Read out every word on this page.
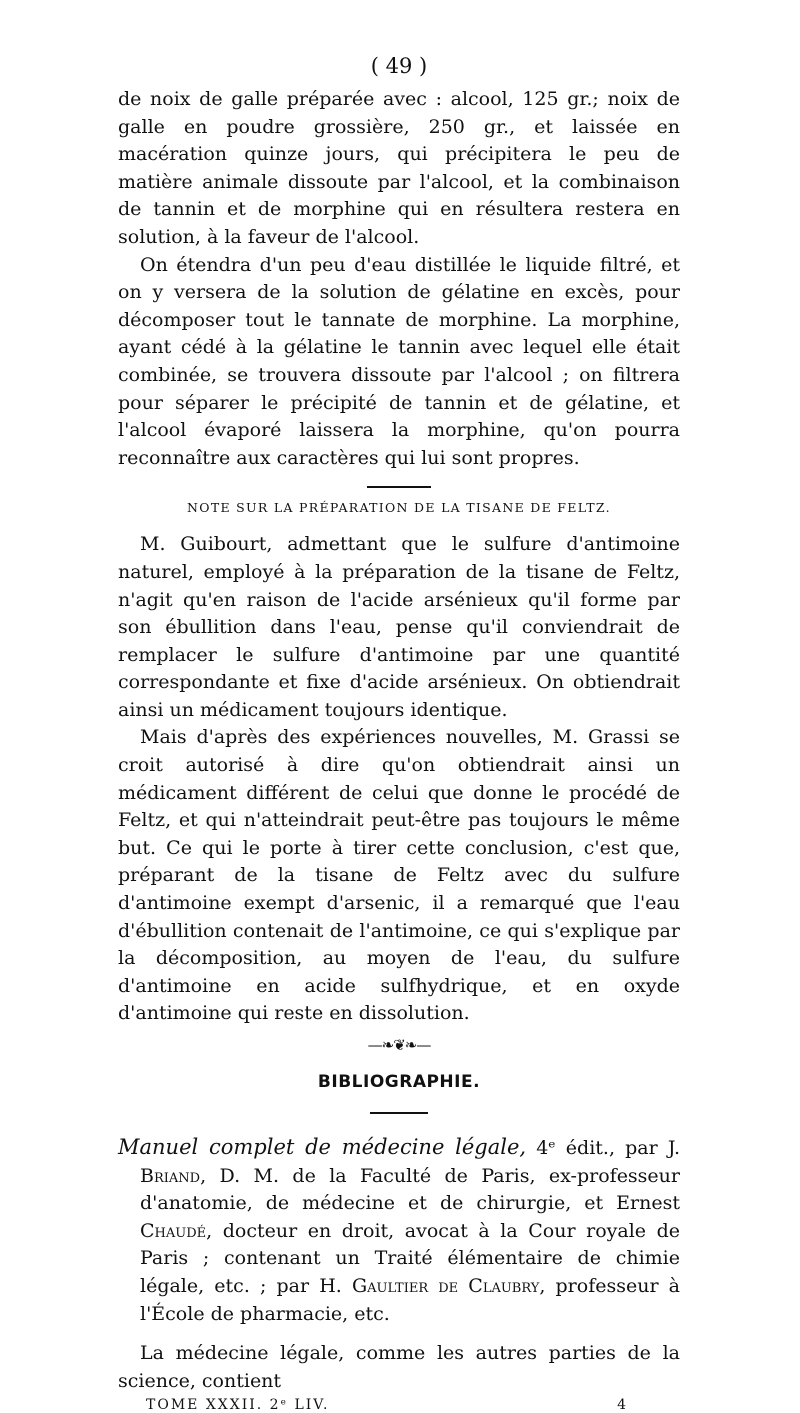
( 49 )

de noix de galle préparée avec : alcool, 125 gr.; noix de galle en poudre grossière, 250 gr., et laissée en macération quinze jours, qui précipitera le peu de matière animale dissoute par l'alcool, et la combinaison de tannin et de morphine qui en résultera restera en solution, à la faveur de l'alcool.

On étendra d'un peu d'eau distillée le liquide filtré, et on y versera de la solution de gélatine en excès, pour décomposer tout le tannate de morphine. La morphine, ayant cédé à la gélatine le tannin avec lequel elle était combinée, se trouvera dissoute par l'alcool ; on filtrera pour séparer le précipité de tannin et de gélatine, et l'alcool évaporé laissera la morphine, qu'on pourra reconnaître aux caractères qui lui sont propres.

NOTE SUR LA PRÉPARATION DE LA TISANE DE FELTZ.

M. Guibourt, admettant que le sulfure d'antimoine naturel, employé à la préparation de la tisane de Feltz, n'agit qu'en raison de l'acide arsénieux qu'il forme par son ébullition dans l'eau, pense qu'il conviendrait de remplacer le sulfure d'antimoine par une quantité correspondante et fixe d'acide arsénieux. On obtiendrait ainsi un médicament toujours identique.

Mais d'après des expériences nouvelles, M. Grassi se croit autorisé à dire qu'on obtiendrait ainsi un médicament différent de celui que donne le procédé de Feltz, et qui n'atteindrait peut-être pas toujours le même but. Ce qui le porte à tirer cette conclusion, c'est que, préparant de la tisane de Feltz avec du sulfure d'antimoine exempt d'arsenic, il a remarqué que l'eau d'ébullition contenait de l'antimoine, ce qui s'explique par la décomposition, au moyen de l'eau, du sulfure d'antimoine en acide sulfhydrique, et en oxyde d'antimoine qui reste en dissolution.

—❧❦❧—
BIBLIOGRAPHIE.

Manuel complet de médecine légale, 4ᵉ édit., par J. Briand, D. M. de la Faculté de Paris, ex-professeur d'anatomie, de médecine et de chirurgie, et Ernest Chaudé, docteur en droit, avocat à la Cour royale de Paris ; contenant un Traité élémentaire de chimie légale, etc. ; par H. Gaultier de Claubry, professeur à l'École de pharmacie, etc.

La médecine légale, comme les autres parties de la science, contient

TOME XXXII. 2ᵉ LIV.	4
